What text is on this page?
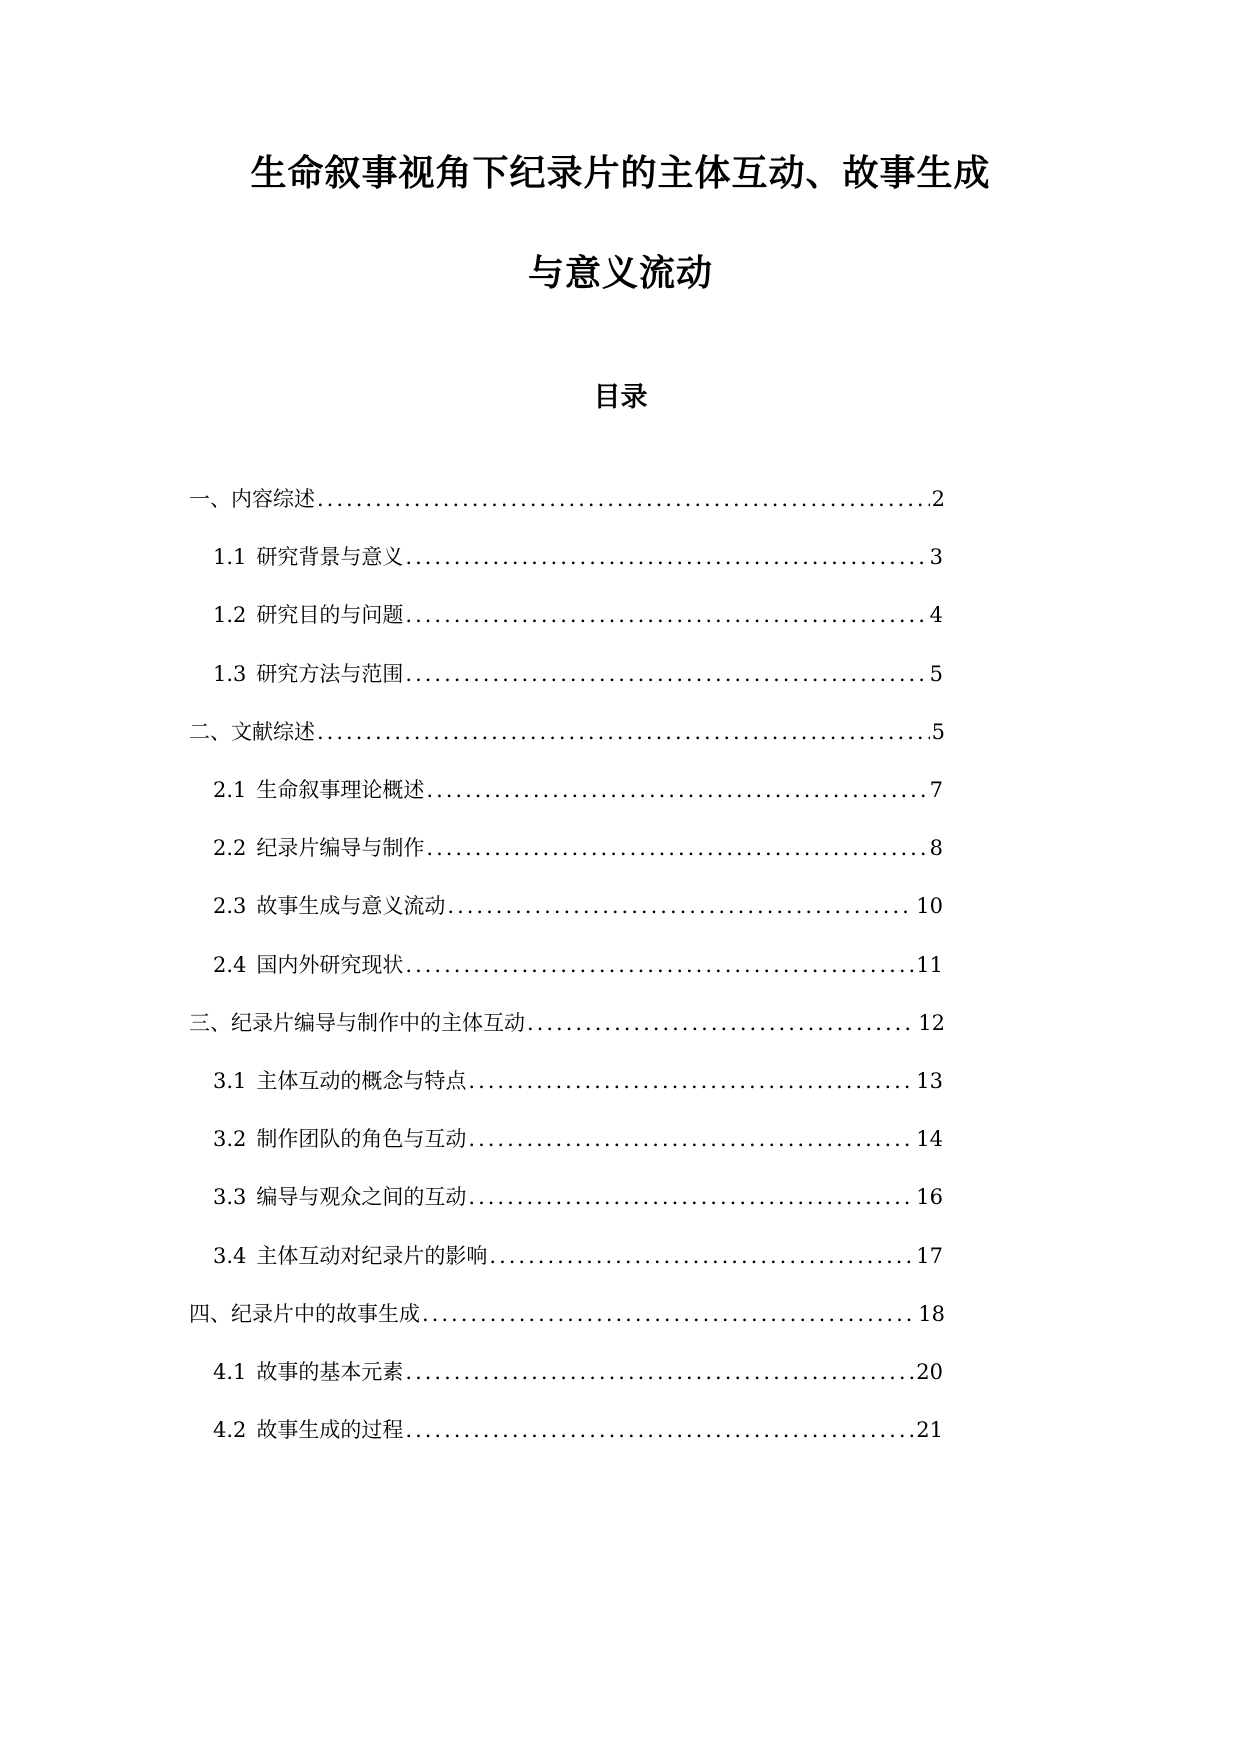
生命叙事视角下纪录片的主体互动、故事生成
与意义流动
目录
一、内容综述 .....	2
1.1 研究背景与意义 .....	3
1.2 研究目的与问题 .....	4
1.3 研究方法与范围 .....	5
二、文献综述 .....	5
2.1 生命叙事理论概述 .....	7
2.2 纪录片编导与制作 .....	8
2.3 故事生成与意义流动 .....	10
2.4 国内外研究现状 .....	11
三、纪录片编导与制作中的主体互动 .....	12
3.1 主体互动的概念与特点 .....	13
3.2 制作团队的角色与互动 .....	14
3.3 编导与观众之间的互动 .....	16
3.4 主体互动对纪录片的影响 .....	17
四、纪录片中的故事生成 .....	18
4.1 故事的基本元素 .....	20
4.2 故事生成的过程 .....	21
